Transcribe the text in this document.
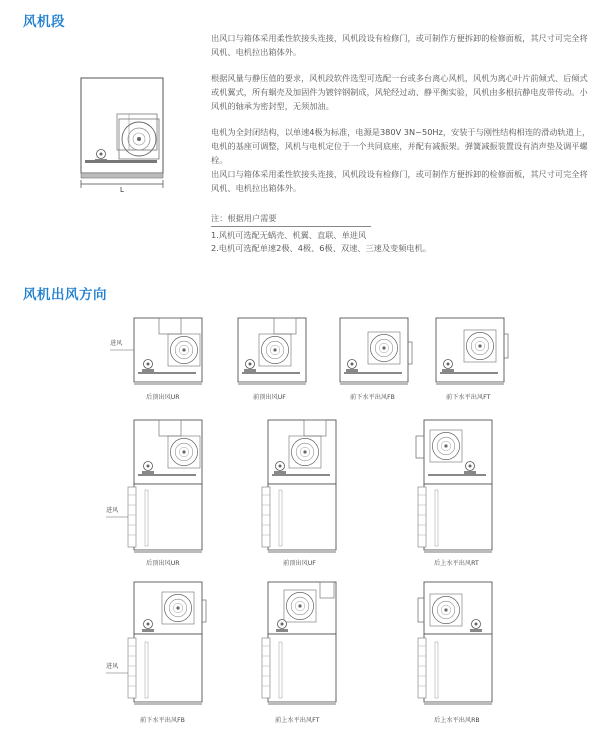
风机段

出风口与箱体采用柔性软接头连接，风机段设有检修门，或可制作方便拆卸的检修面板，其尺寸可完全将风机、电机拉出箱体外。

根据风量与静压值的要求，风机段软件选型可选配一台或多台离心风机，风机为离心叶片前倾式、后倾式或机翼式，所有蜗壳及加固件为镀锌钢制成，风轮经过动、静平衡实验，风机由多根抗静电皮带传动。小风机的轴承为密封型，无须加油。

电机为全封闭结构，以单速4极为标准，电源是380V 3N~50Hz，安装于与刚性结构相连的滑动轨道上，电机的基座可调整，风机与电机定位于一个共同底座，并配有减振架。弹簧减振装置设有消声垫及调平螺栓。

出风口与箱体采用柔性软接头连接，风机段设有检修门，或可制作方便拆卸的检修面板，其尺寸可完全将风机、电机拉出箱体外。

注：根据用户需要
1.风机可选配无蜗壳、机翼、直联、单进风
2.电机可选配单速2极、4极、6极、双速、三速及变频电机。
风机出风方向
L
进风
后顶出风UR	前顶出风UF	前下水平出风FB	前下水平出风FT
进风
后顶出风UR	前顶出风UF	后上水平出风RT
进风
前下水平出风FB	前上水平出风FT	后上水平出风RB
